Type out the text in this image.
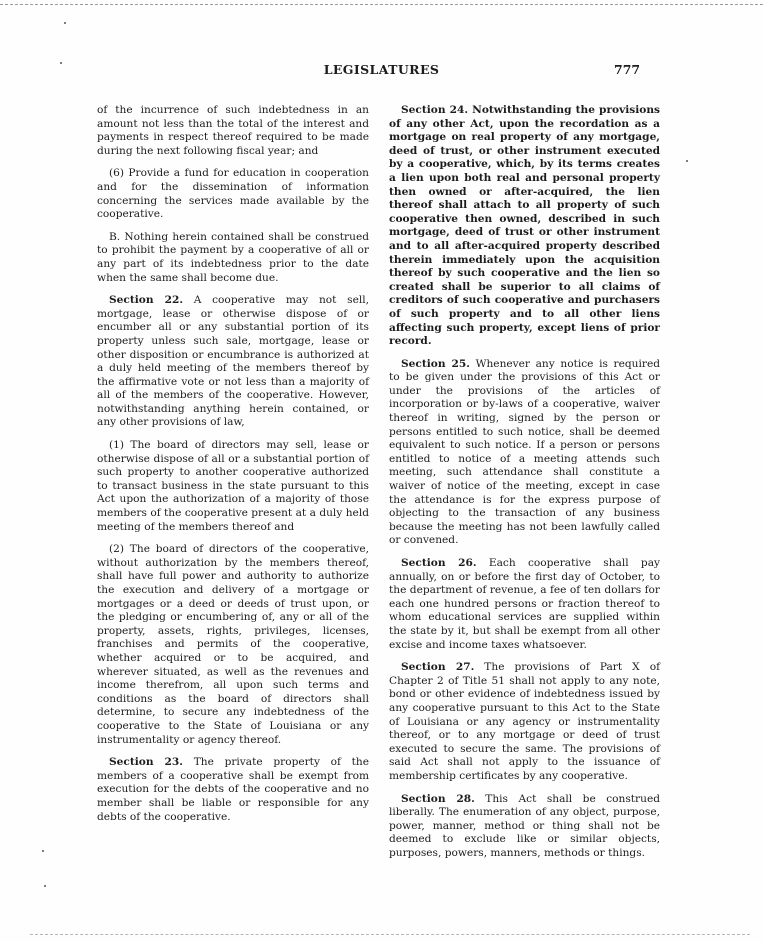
LEGISLATURES	777

of the incurrence of such indebtedness in an amount not less than the total of the interest and payments in respect thereof required to be made during the next following fiscal year; and

(6) Provide a fund for education in cooperation and for the dissemination of information concerning the services made available by the cooperative.

B. Nothing herein contained shall be construed to prohibit the payment by a cooperative of all or any part of its indebtedness prior to the date when the same shall become due.

Section 22. A cooperative may not sell, mortgage, lease or otherwise dispose of or encumber all or any substantial portion of its property unless such sale, mortgage, lease or other disposition or encumbrance is authorized at a duly held meeting of the members thereof by the affirmative vote or not less than a majority of all of the members of the cooperative. However, notwithstanding anything herein contained, or any other provisions of law,

(1) The board of directors may sell, lease or otherwise dispose of all or a substantial portion of such property to another cooperative authorized to transact business in the state pursuant to this Act upon the authorization of a majority of those members of the cooperative present at a duly held meeting of the members thereof and

(2) The board of directors of the cooperative, without authorization by the members thereof, shall have full power and authority to authorize the execution and delivery of a mortgage or mortgages or a deed or deeds of trust upon, or the pledging or encumbering of, any or all of the property, assets, rights, privileges, licenses, franchises and permits of the cooperative, whether acquired or to be acquired, and wherever situated, as well as the revenues and income therefrom, all upon such terms and conditions as the board of directors shall determine, to secure any indebtedness of the cooperative to the State of Louisiana or any instrumentality or agency thereof.

Section 23. The private property of the members of a cooperative shall be exempt from execution for the debts of the cooperative and no member shall be liable or responsible for any debts of the cooperative.

Section 24. Notwithstanding the provisions of any other Act, upon the recordation as a mortgage on real property of any mortgage, deed of trust, or other instrument executed by a cooperative, which, by its terms creates a lien upon both real and personal property then owned or after-acquired, the lien thereof shall attach to all property of such cooperative then owned, described in such mortgage, deed of trust or other instrument and to all after-acquired property described therein immediately upon the acquisition thereof by such cooperative and the lien so created shall be superior to all claims of creditors of such cooperative and purchasers of such property and to all other liens affecting such property, except liens of prior record.

Section 25. Whenever any notice is required to be given under the provisions of this Act or under the provisions of the articles of incorporation or by-laws of a cooperative, waiver thereof in writing, signed by the person or persons entitled to such notice, shall be deemed equivalent to such notice. If a person or persons entitled to notice of a meeting attends such meeting, such attendance shall constitute a waiver of notice of the meeting, except in case the attendance is for the express purpose of objecting to the transaction of any business because the meeting has not been lawfully called or convened.

Section 26. Each cooperative shall pay annually, on or before the first day of October, to the department of revenue, a fee of ten dollars for each one hundred persons or fraction thereof to whom educational services are supplied within the state by it, but shall be exempt from all other excise and income taxes whatsoever.

Section 27. The provisions of Part X of Chapter 2 of Title 51 shall not apply to any note, bond or other evidence of indebtedness issued by any cooperative pursuant to this Act to the State of Louisiana or any agency or instrumentality thereof, or to any mortgage or deed of trust executed to secure the same. The provisions of said Act shall not apply to the issuance of membership certificates by any cooperative.

Section 28. This Act shall be construed liberally. The enumeration of any object, purpose, power, manner, method or thing shall not be deemed to exclude like or similar objects, purposes, powers, manners, methods or things.
